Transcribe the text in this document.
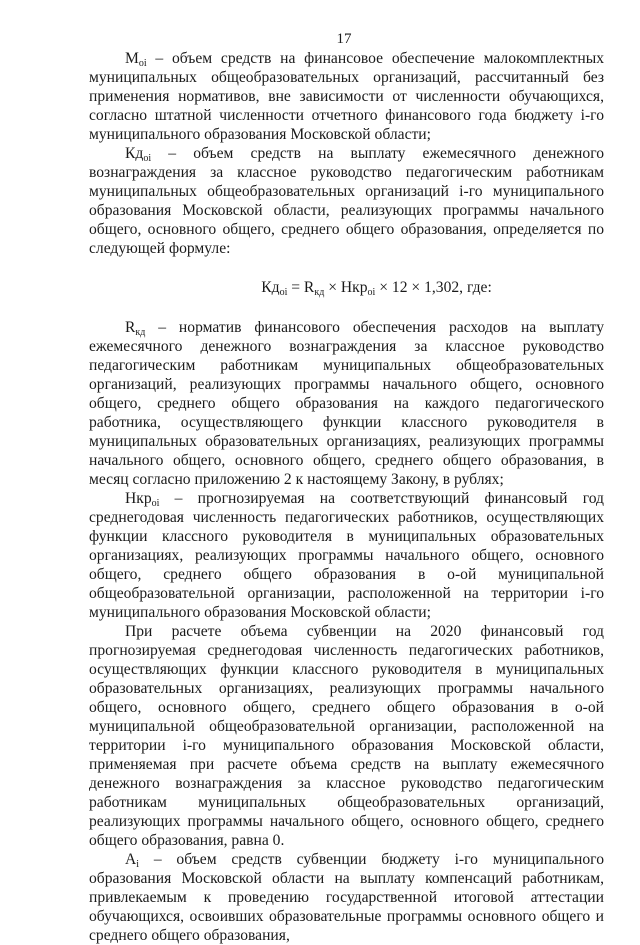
17

$M_{oi}$ – объем средств на финансовое обеспечение малокомплектных муниципальных общеобразовательных организаций, рассчитанный без применения нормативов, вне зависимости от численности обучающихся, согласно штатной численности отчетного финансового года бюджету i-го муниципального образования Московской области;

$Кд_{oi}$ – объем средств на выплату ежемесячного денежного вознаграждения за классное руководство педагогическим работникам муниципальных общеобразовательных организаций i-го муниципального образования Московской области, реализующих программы начального общего, основного общего, среднего общего образования, определяется по следующей формуле:

$Кд_{oi} = R_{кд} \times Нкр_{oi} \times 12 \times 1,302$, где:

$R_{кд}$ – норматив финансового обеспечения расходов на выплату ежемесячного денежного вознаграждения за классное руководство педагогическим работникам муниципальных общеобразовательных организаций, реализующих программы начального общего, основного общего, среднего общего образования на каждого педагогического работника, осуществляющего функции классного руководителя в муниципальных образовательных организациях, реализующих программы начального общего, основного общего, среднего общего образования, в месяц согласно приложению 2 к настоящему Закону, в рублях;

Нкр$_{oi}$ – прогнозируемая на соответствующий финансовый год среднегодовая численность педагогических работников, осуществляющих функции классного руководителя в муниципальных образовательных организациях, реализующих программы начального общего, основного общего, среднего общего образования в о-ой муниципальной общеобразовательной организации, расположенной на территории i-го муниципального образования Московской области;

При расчете объема субвенции на 2020 финансовый год прогнозируемая среднегодовая численность педагогических работников, осуществляющих функции классного руководителя в муниципальных образовательных организациях, реализующих программы начального общего, основного общего, среднего общего образования в о-ой муниципальной общеобразовательной организации, расположенной на территории i-го муниципального образования Московской области, применяемая при расчете объема средств на выплату ежемесячного денежного вознаграждения за классное руководство педагогическим работникам муниципальных общеобразовательных организаций, реализующих программы начального общего, основного общего, среднего общего образования, равна 0.

$A_i$ – объем средств субвенции бюджету i-го муниципального образования Московской области на выплату компенсаций работникам, привлекаемым к проведению государственной итоговой аттестации обучающихся, освоивших образовательные программы основного общего и среднего общего образования,
